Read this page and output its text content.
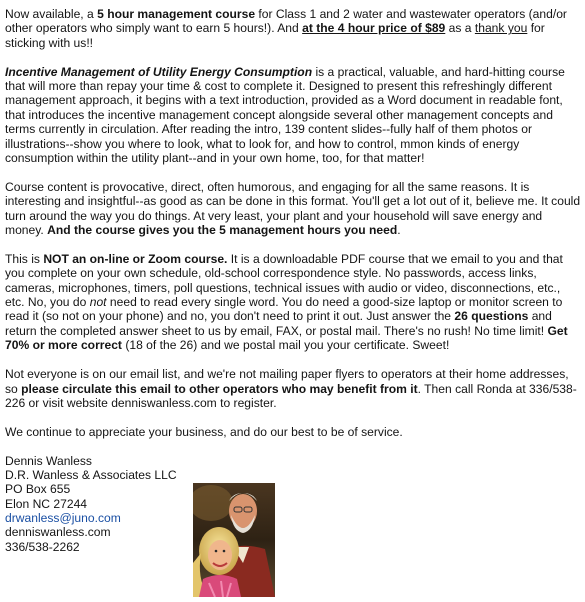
Now available, a 5 hour management course for Class 1 and 2 water and wastewater operators (and/or other operators who simply want to earn 5 hours!). And at the 4 hour price of $89 as a thank you for sticking with us!!

Incentive Management of Utility Energy Consumption is a practical, valuable, and hard-hitting course that will more than repay your time & cost to complete it. Designed to present this refreshingly different management approach, it begins with a text introduction, provided as a Word document in readable font, that introduces the incentive management concept alongside several other management concepts and terms currently in circulation. After reading the intro, 139 content slides--fully half of them photos or illustrations--show you where to look, what to look for, and how to control, mmon kinds of energy consumption within the utility plant--and in your own home, too, for that matter!

Course content is provocative, direct, often humorous, and engaging for all the same reasons. It is interesting and insightful--as good as can be done in this format. You'll get a lot out of it, believe me. It could turn around the way you do things. At very least, your plant and your household will save energy and money. And the course gives you the 5 management hours you need.

This is NOT an on-line or Zoom course. It is a downloadable PDF course that we email to you and that you complete on your own schedule, old-school correspondence style. No passwords, access links, cameras, microphones, timers, poll questions, technical issues with audio or video, disconnections, etc., etc. No, you do not need to read every single word. You do need a good-size laptop or monitor screen to read it (so not on your phone) and no, you don't need to print it out. Just answer the 26 questions and return the completed answer sheet to us by email, FAX, or postal mail. There's no rush! No time limit! Get 70% or more correct (18 of the 26) and we postal mail you your certificate. Sweet!

Not everyone is on our email list, and we're not mailing paper flyers to operators at their home addresses, so please circulate this email to other operators who may benefit from it. Then call Ronda at 336/538-226 or visit website denniswanless.com to register.

We continue to appreciate your business, and do our best to be of service.

Dennis Wanless
D.R. Wanless & Associates LLC
PO Box 655
Elon NC 27244
drwanless@juno.com
denniswanless.com
336/538-2262
